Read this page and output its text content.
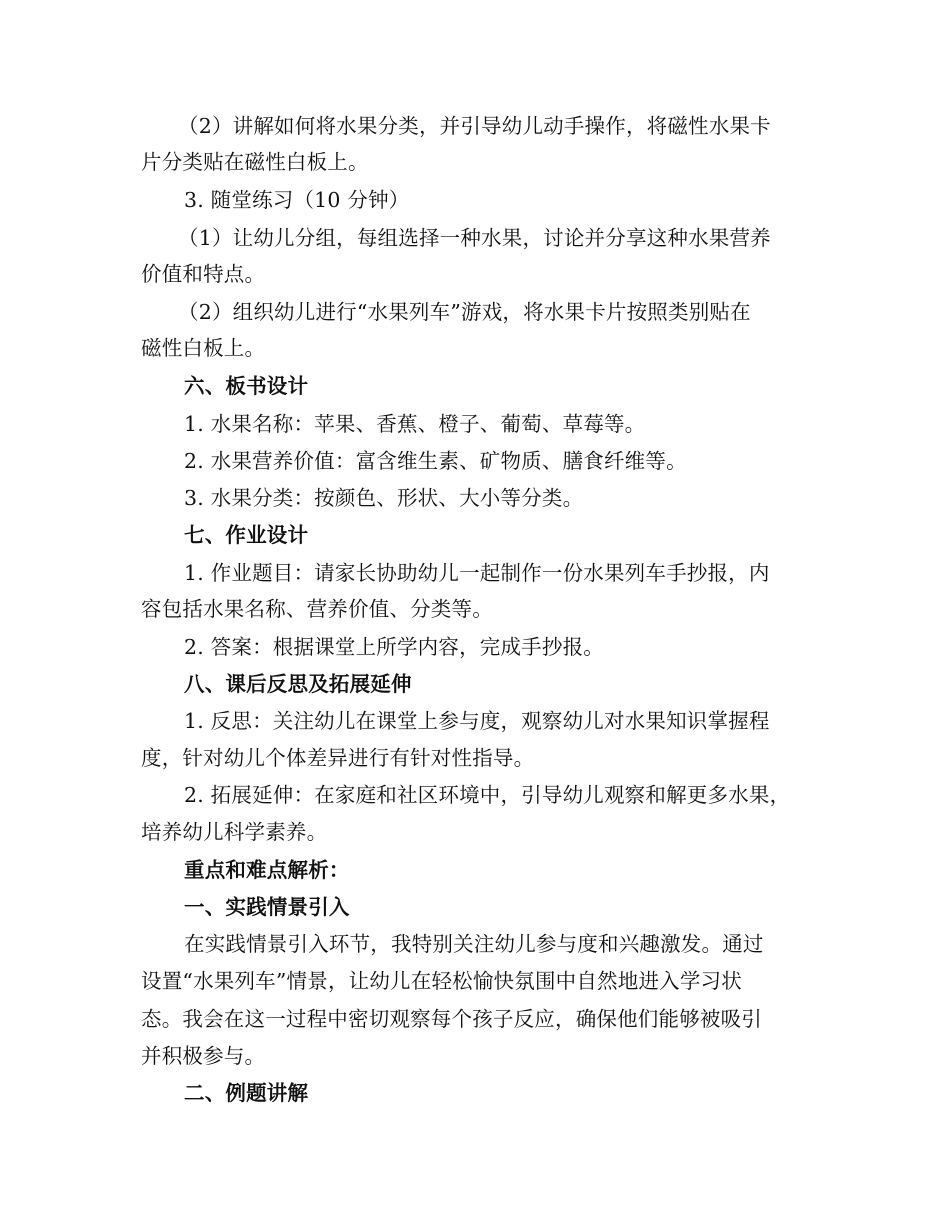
（2）讲解如何将水果分类，并引导幼儿动手操作，将磁性水果卡
片分类贴在磁性白板上。
3. 随堂练习（10 分钟）
（1）让幼儿分组，每组选择一种水果，讨论并分享这种水果营养
价值和特点。
（2）组织幼儿进行“水果列车”游戏，将水果卡片按照类别贴在
磁性白板上。
六、板书设计
1. 水果名称：苹果、香蕉、橙子、葡萄、草莓等。
2. 水果营养价值：富含维生素、矿物质、膳食纤维等。
3. 水果分类：按颜色、形状、大小等分类。
七、作业设计
1. 作业题目：请家长协助幼儿一起制作一份水果列车手抄报，内
容包括水果名称、营养价值、分类等。
2. 答案：根据课堂上所学内容，完成手抄报。
八、课后反思及拓展延伸
1. 反思：关注幼儿在课堂上参与度，观察幼儿对水果知识掌握程
度，针对幼儿个体差异进行有针对性指导。
2. 拓展延伸：在家庭和社区环境中，引导幼儿观察和解更多水果，
培养幼儿科学素养。
重点和难点解析：
一、实践情景引入
在实践情景引入环节，我特别关注幼儿参与度和兴趣激发。通过
设置“水果列车”情景，让幼儿在轻松愉快氛围中自然地进入学习状
态。我会在这一过程中密切观察每个孩子反应，确保他们能够被吸引
并积极参与。
二、例题讲解
